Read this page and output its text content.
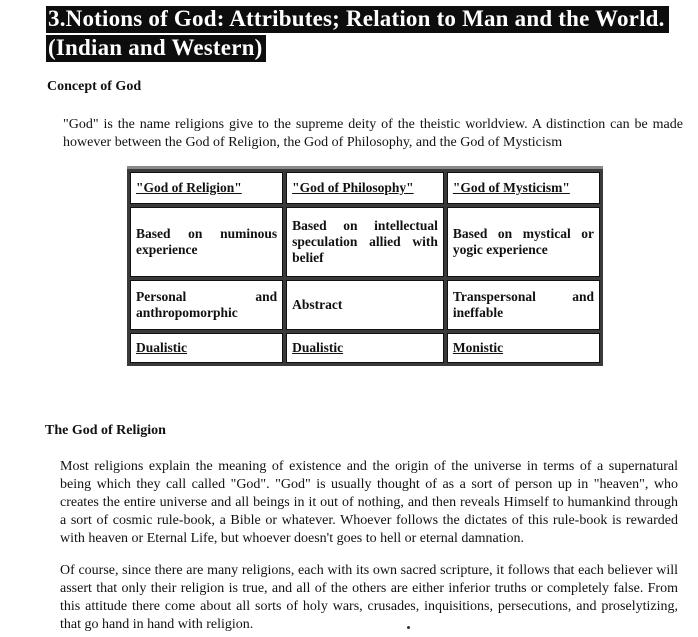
3.Notions of God: Attributes; Relation to Man and the World.
(Indian and Western)
Concept of God
"God" is the name religions give to the supreme deity of the theistic worldview. A distinction can be made however between the God of Religion, the God of Philosophy, and the God of Mysticism
"God of Religion"	"God of Philosophy"	"God of Mysticism"
Based on numinous experience	Based on intellectual speculation allied with belief	Based on mystical or yogic experience
Personal and anthropomorphic	Abstract	Transpersonal and ineffable
Dualistic	Dualistic	Monistic
The God of Religion
Most religions explain the meaning of existence and the origin of the universe in terms of a supernatural being which they call called "God". "God" is usually thought of as a sort of person up in "heaven", who creates the entire universe and all beings in it out of nothing, and then reveals Himself to humankind through a sort of cosmic rule-book, a Bible or whatever. Whoever follows the dictates of this rule-book is rewarded with heaven or Eternal Life, but whoever doesn't goes to hell or eternal damnation.
Of course, since there are many religions, each with its own sacred scripture, it follows that each believer will assert that only their religion is true, and all of the others are either inferior truths or completely false. From this attitude there come about all sorts of holy wars, crusades, inquisitions, persecutions, and proselytizing, that go hand in hand with religion.
